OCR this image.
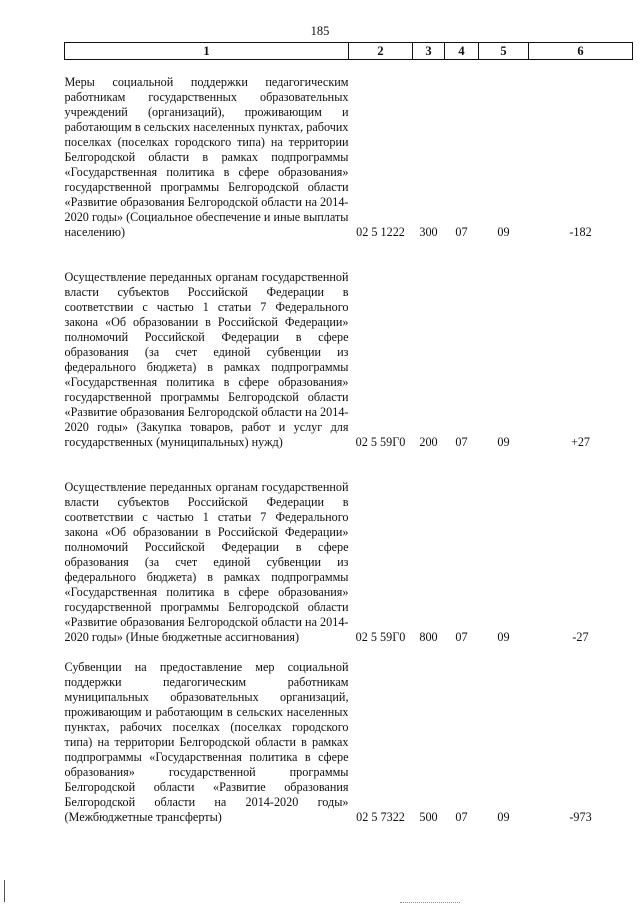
185
1	2	3	4	5	6
Меры социальной поддержки педагогическим работникам государственных образовательных учреждений (организаций), проживающим и работающим в сельских населенных пунктах, рабочих поселках (поселках городского типа) на территории Белгородской области в рамках подпрограммы «Государственная политика в сфере образования» государственной программы Белгородской области «Развитие образования Белгородской области на 2014-2020 годы» (Социальное обеспечение и иные выплаты населению)	02 5 1222	300	07	09	-182
Осуществление переданных органам государственной власти субъектов Российской Федерации в соответствии с частью 1 статьи 7 Федерального закона «Об образовании в Российской Федерации» полномочий Российской Федерации в сфере образования (за счет единой субвенции из федерального бюджета) в рамках подпрограммы «Государственная политика в сфере образования» государственной программы Белгородской области «Развитие образования Белгородской области на 2014-2020 годы» (Закупка товаров, работ и услуг для государственных (муниципальных) нужд)	02 5 59Г0	200	07	09	+27
Осуществление переданных органам государственной власти субъектов Российской Федерации в соответствии с частью 1 статьи 7 Федерального закона «Об образовании в Российской Федерации» полномочий Российской Федерации в сфере образования (за счет единой субвенции из федерального бюджета) в рамках подпрограммы «Государственная политика в сфере образования» государственной программы Белгородской области «Развитие образования Белгородской области на 2014-2020 годы» (Иные бюджетные ассигнования)	02 5 59Г0	800	07	09	-27
Субвенции на предоставление мер социальной поддержки педагогическим работникам муниципальных образовательных организаций, проживающим и работающим в сельских населенных пунктах, рабочих поселках (поселках городского типа) на территории Белгородской области в рамках подпрограммы «Государственная политика в сфере образования» государственной программы Белгородской области «Развитие образования Белгородской области на 2014-2020 годы» (Межбюджетные трансферты)	02 5 7322	500	07	09	-973
